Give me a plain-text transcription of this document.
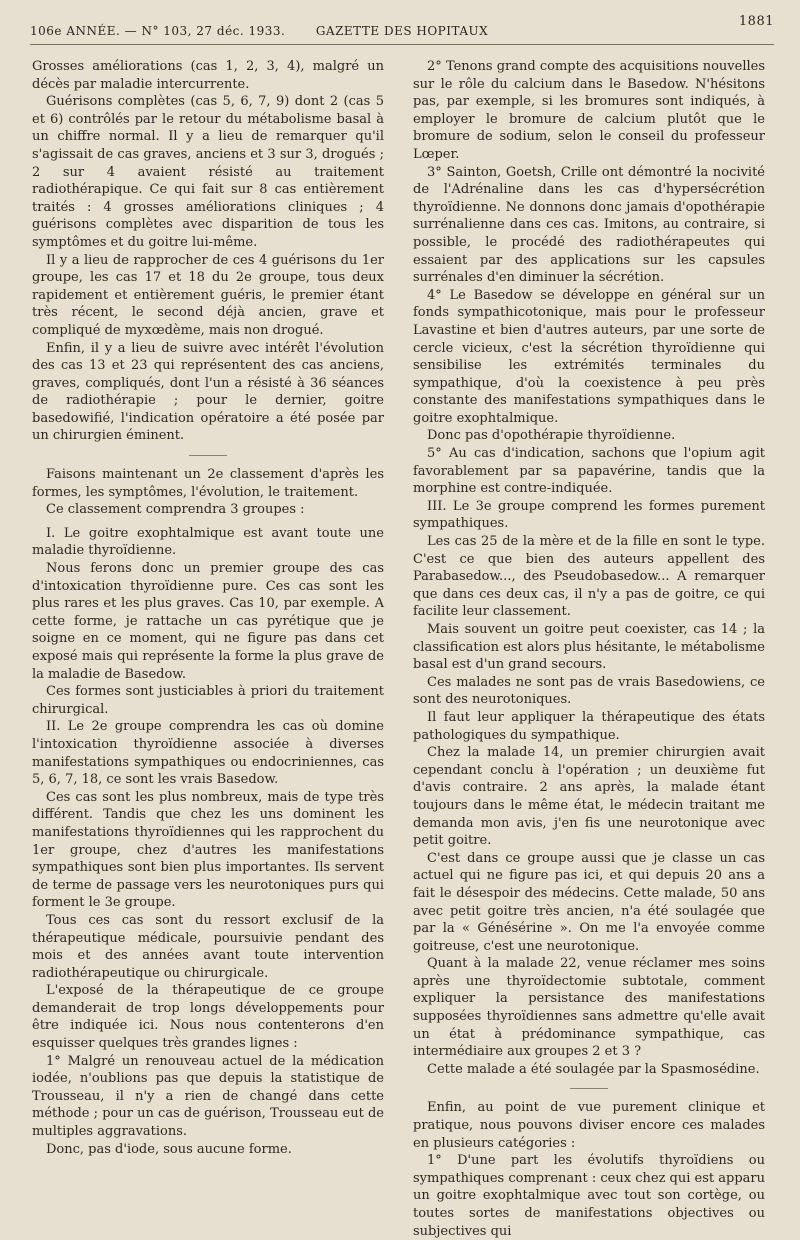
106e ANNÉE. — N° 103, 27 déc. 1933.	GAZETTE DES HOPITAUX
1881

Grosses améliorations (cas 1, 2, 3, 4), malgré un décès par maladie intercurrente.

Guérisons complètes (cas 5, 6, 7, 9) dont 2 (cas 5 et 6) contrôlés par le retour du métabolisme basal à un chiffre normal. Il y a lieu de remarquer qu'il s'agissait de cas graves, anciens et 3 sur 3, drogués ; 2 sur 4 avaient résisté au traitement radiothérapique. Ce qui fait sur 8 cas entièrement traités : 4 grosses améliorations cliniques ; 4 guérisons complètes avec disparition de tous les symptômes et du goitre lui-même.

Il y a lieu de rapprocher de ces 4 guérisons du 1er groupe, les cas 17 et 18 du 2e groupe, tous deux rapidement et entièrement guéris, le premier étant très récent, le second déjà ancien, grave et compliqué de myxœdème, mais non drogué.

Enfin, il y a lieu de suivre avec intérêt l'évolution des cas 13 et 23 qui représentent des cas anciens, graves, compliqués, dont l'un a résisté à 36 séances de radiothérapie ; pour le dernier, goitre basedowifié, l'indication opératoire a été posée par un chirurgien éminent.

Faisons maintenant un 2e classement d'après les formes, les symptômes, l'évolution, le traitement.

Ce classement comprendra 3 groupes :

I. Le goitre exophtalmique est avant toute une maladie thyroïdienne.

Nous ferons donc un premier groupe des cas d'intoxication thyroïdienne pure. Ces cas sont les plus rares et les plus graves. Cas 10, par exemple. A cette forme, je rattache un cas pyrétique que je soigne en ce moment, qui ne figure pas dans cet exposé mais qui représente la forme la plus grave de la maladie de Basedow.

Ces formes sont justiciables à priori du traitement chirurgical.

II. Le 2e groupe comprendra les cas où domine l'intoxication thyroïdienne associée à diverses manifestations sympathiques ou endocriniennes, cas 5, 6, 7, 18, ce sont les vrais Basedow.

Ces cas sont les plus nombreux, mais de type très différent. Tandis que chez les uns dominent les manifestations thyroïdiennes qui les rapprochent du 1er groupe, chez d'autres les manifestations sympathiques sont bien plus importantes. Ils servent de terme de passage vers les neurotoniques purs qui forment le 3e groupe.

Tous ces cas sont du ressort exclusif de la thérapeutique médicale, poursuivie pendant des mois et des années avant toute intervention radiothérapeutique ou chirurgicale.

L'exposé de la thérapeutique de ce groupe demanderait de trop longs développements pour être indiquée ici. Nous nous contenterons d'en esquisser quelques très grandes lignes :

1° Malgré un renouveau actuel de la médication iodée, n'oublions pas que depuis la statistique de Trousseau, il n'y a rien de changé dans cette méthode ; pour un cas de guérison, Trousseau eut de multiples aggravations.

Donc, pas d'iode, sous aucune forme.

2° Tenons grand compte des acquisitions nouvelles sur le rôle du calcium dans le Basedow. N'hésitons pas, par exemple, si les bromures sont indiqués, à employer le bromure de calcium plutôt que le bromure de sodium, selon le conseil du professeur Lœper.

3° Sainton, Goetsh, Crille ont démontré la nocivité de l'Adrénaline dans les cas d'hypersécrétion thyroïdienne. Ne donnons donc jamais d'opothérapie surrénalienne dans ces cas. Imitons, au contraire, si possible, le procédé des radiothérapeutes qui essaient par des applications sur les capsules surrénales d'en diminuer la sécrétion.

4° Le Basedow se développe en général sur un fonds sympathicotonique, mais pour le professeur Lavastine et bien d'autres auteurs, par une sorte de cercle vicieux, c'est la sécrétion thyroïdienne qui sensibilise les extrémités terminales du sympathique, d'où la coexistence à peu près constante des manifestations sympathiques dans le goitre exophtalmique.

Donc pas d'opothérapie thyroïdienne.

5° Au cas d'indication, sachons que l'opium agit favorablement par sa papavérine, tandis que la morphine est contre-indiquée.

III. Le 3e groupe comprend les formes purement sympathiques.

Les cas 25 de la mère et de la fille en sont le type. C'est ce que bien des auteurs appellent des Parabasedow..., des Pseudobasedow... A remarquer que dans ces deux cas, il n'y a pas de goitre, ce qui facilite leur classement.

Mais souvent un goitre peut coexister, cas 14 ; la classification est alors plus hésitante, le métabolisme basal est d'un grand secours.

Ces malades ne sont pas de vrais Basedowiens, ce sont des neurotoniques.

Il faut leur appliquer la thérapeutique des états pathologiques du sympathique.

Chez la malade 14, un premier chirurgien avait cependant conclu à l'opération ; un deuxième fut d'avis contraire. 2 ans après, la malade étant toujours dans le même état, le médecin traitant me demanda mon avis, j'en fis une neurotonique avec petit goitre.

C'est dans ce groupe aussi que je classe un cas actuel qui ne figure pas ici, et qui depuis 20 ans a fait le désespoir des médecins. Cette malade, 50 ans avec petit goitre très ancien, n'a été soulagée que par la « Génésérine ». On me l'a envoyée comme goitreuse, c'est une neurotonique.

Quant à la malade 22, venue réclamer mes soins après une thyroïdectomie subtotale, comment expliquer la persistance des manifestations supposées thyroïdiennes sans admettre qu'elle avait un état à prédominance sympathique, cas intermédiaire aux groupes 2 et 3 ?

Cette malade a été soulagée par la Spasmosédine.

Enfin, au point de vue purement clinique et pratique, nous pouvons diviser encore ces malades en plusieurs catégories :

1° D'une part les évolutifs thyroïdiens ou sympathiques comprenant : ceux chez qui est apparu un goitre exophtalmique avec tout son cortège, ou toutes sortes de manifestations objectives ou subjectives qui
